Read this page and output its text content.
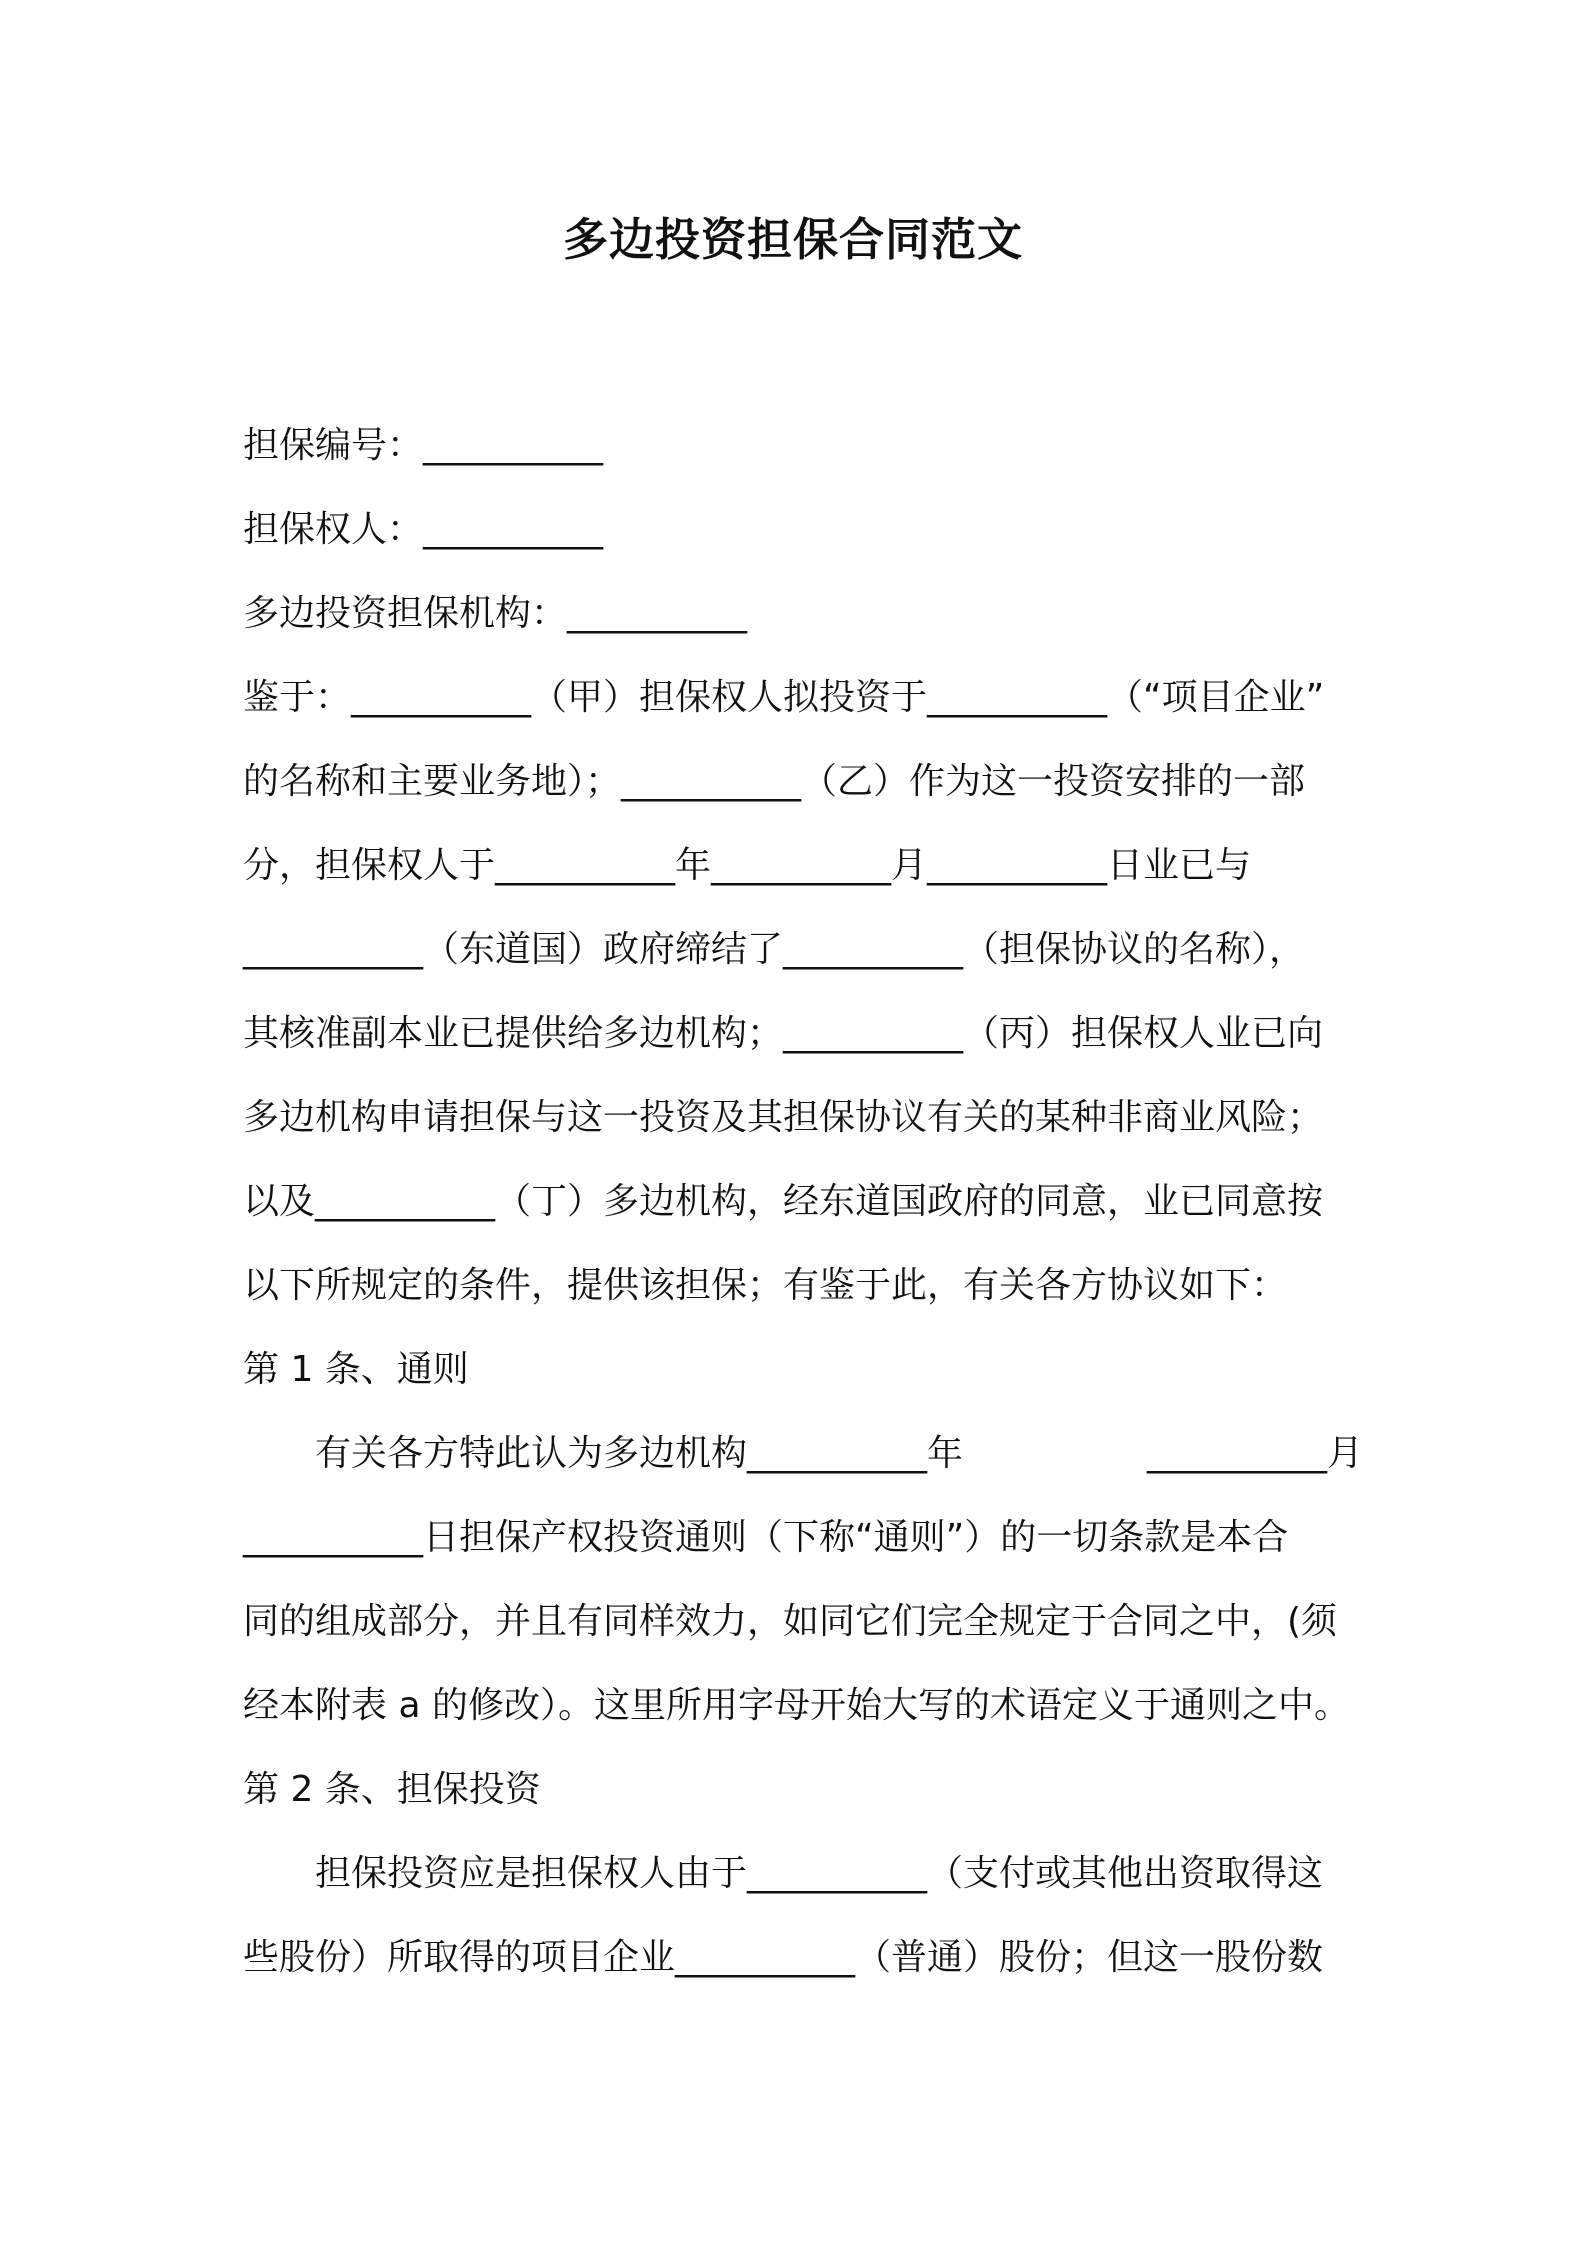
多边投资担保合同范文
担保编号：__________
担保权人：__________
多边投资担保机构：__________
鉴于：__________（甲）担保权人拟投资于__________（“项目企业”
的名称和主要业务地）；__________（乙）作为这一投资安排的一部
分，担保权人于__________年__________月__________日业已与
__________（东道国）政府缔结了__________（担保协议的名称），
其核准副本业已提供给多边机构；__________（丙）担保权人业已向
多边机构申请担保与这一投资及其担保协议有关的某种非商业风险；
以及__________（丁）多边机构，经东道国政府的同意，业已同意按
以下所规定的条件，提供该担保；有鉴于此，有关各方协议如下：
第 1 条、通则
有关各方特此认为多边机构__________年	__________月
__________日担保产权投资通则（下称“通则”）的一切条款是本合
同的组成部分，并且有同样效力，如同它们完全规定于合同之中，(须
经本附表 a 的修改）。这里所用字母开始大写的术语定义于通则之中。
第 2 条、担保投资
担保投资应是担保权人由于__________（支付或其他出资取得这
些股份）所取得的项目企业__________（普通）股份；但这一股份数
